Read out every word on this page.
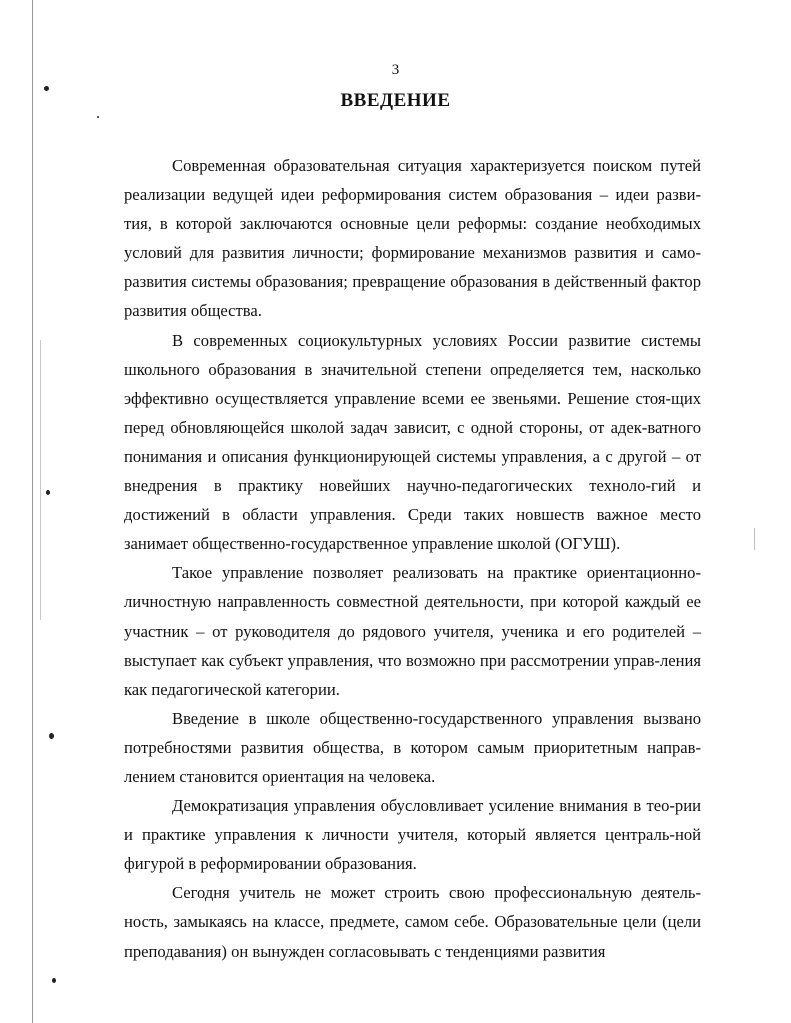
3
ВВЕДЕНИЕ

Современная образовательная ситуация характеризуется поиском путей реализации ведущей идеи реформирования систем образования – идеи разви-тия, в которой заключаются основные цели реформы: создание необходимых условий для развития личности; формирование механизмов развития и само-развития системы образования; превращение образования в действенный фактор развития общества.

В современных социокультурных условиях России развитие системы школьного образования в значительной степени определяется тем, насколько эффективно осуществляется управление всеми ее звеньями. Решение стоя-щих перед обновляющейся школой задач зависит, с одной стороны, от адек-ватного понимания и описания функционирующей системы управления, а с другой – от внедрения в практику новейших научно-педагогических техноло-гий и достижений в области управления. Среди таких новшеств важное место занимает общественно-государственное управление школой (ОГУШ).

Такое управление позволяет реализовать на практике ориентационно-личностную направленность совместной деятельности, при которой каждый ее участник – от руководителя до рядового учителя, ученика и его родителей – выступает как субъект управления, что возможно при рассмотрении управ-ления как педагогической категории.

Введение в школе общественно-государственного управления вызвано потребностями развития общества, в котором самым приоритетным направ-лением становится ориентация на человека.

Демократизация управления обусловливает усиление внимания в тео-рии и практике управления к личности учителя, который является централь-ной фигурой в реформировании образования.

Сегодня учитель не может строить свою профессиональную деятель-ность, замыкаясь на классе, предмете, самом себе. Образовательные цели (цели преподавания) он вынужден согласовывать с тенденциями развития
